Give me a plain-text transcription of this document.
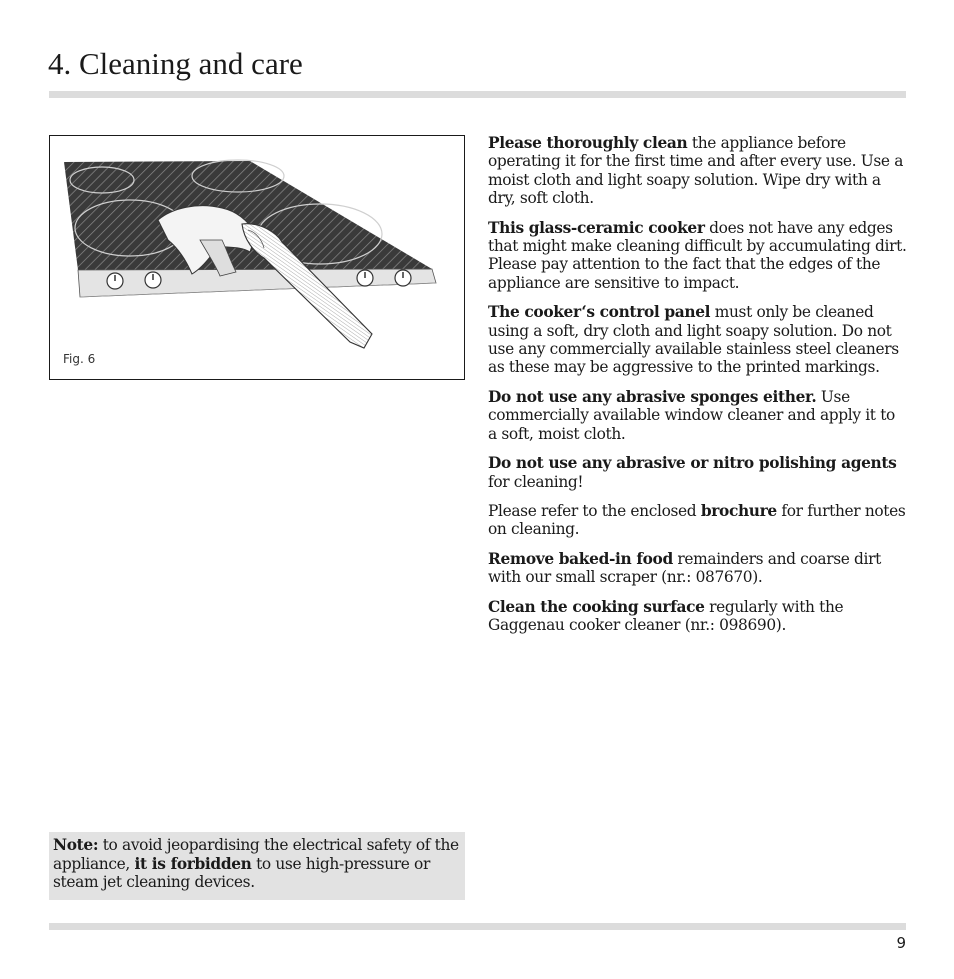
4. Cleaning and care
Fig. 6

Please thoroughly clean the appliance before operating it for the first time and after every use. Use a moist cloth and light soapy solution. Wipe dry with a dry, soft cloth.

This glass-ceramic cooker does not have any edges that might make cleaning difficult by accumulating dirt. Please pay attention to the fact that the edges of the appliance are sensitive to impact.

The cooker‘s control panel must only be cleaned using a soft, dry cloth and light soapy solution. Do not use any commercially available stainless steel cleaners as these may be aggressive to the printed markings.

Do not use any abrasive sponges either. Use commercially available window cleaner and apply it to a soft, moist cloth.

Do not use any abrasive or nitro polishing agents for cleaning!

Please refer to the enclosed brochure for further notes on cleaning.

Remove baked-in food remainders and coarse dirt with our small scraper (nr.: 087670).

Clean the cooking surface regularly with the Gaggenau cooker cleaner (nr.: 098690).

Note: to avoid jeopardising the electrical safety of the appliance, it is forbidden to use high-pressure or steam jet cleaning devices.
9
